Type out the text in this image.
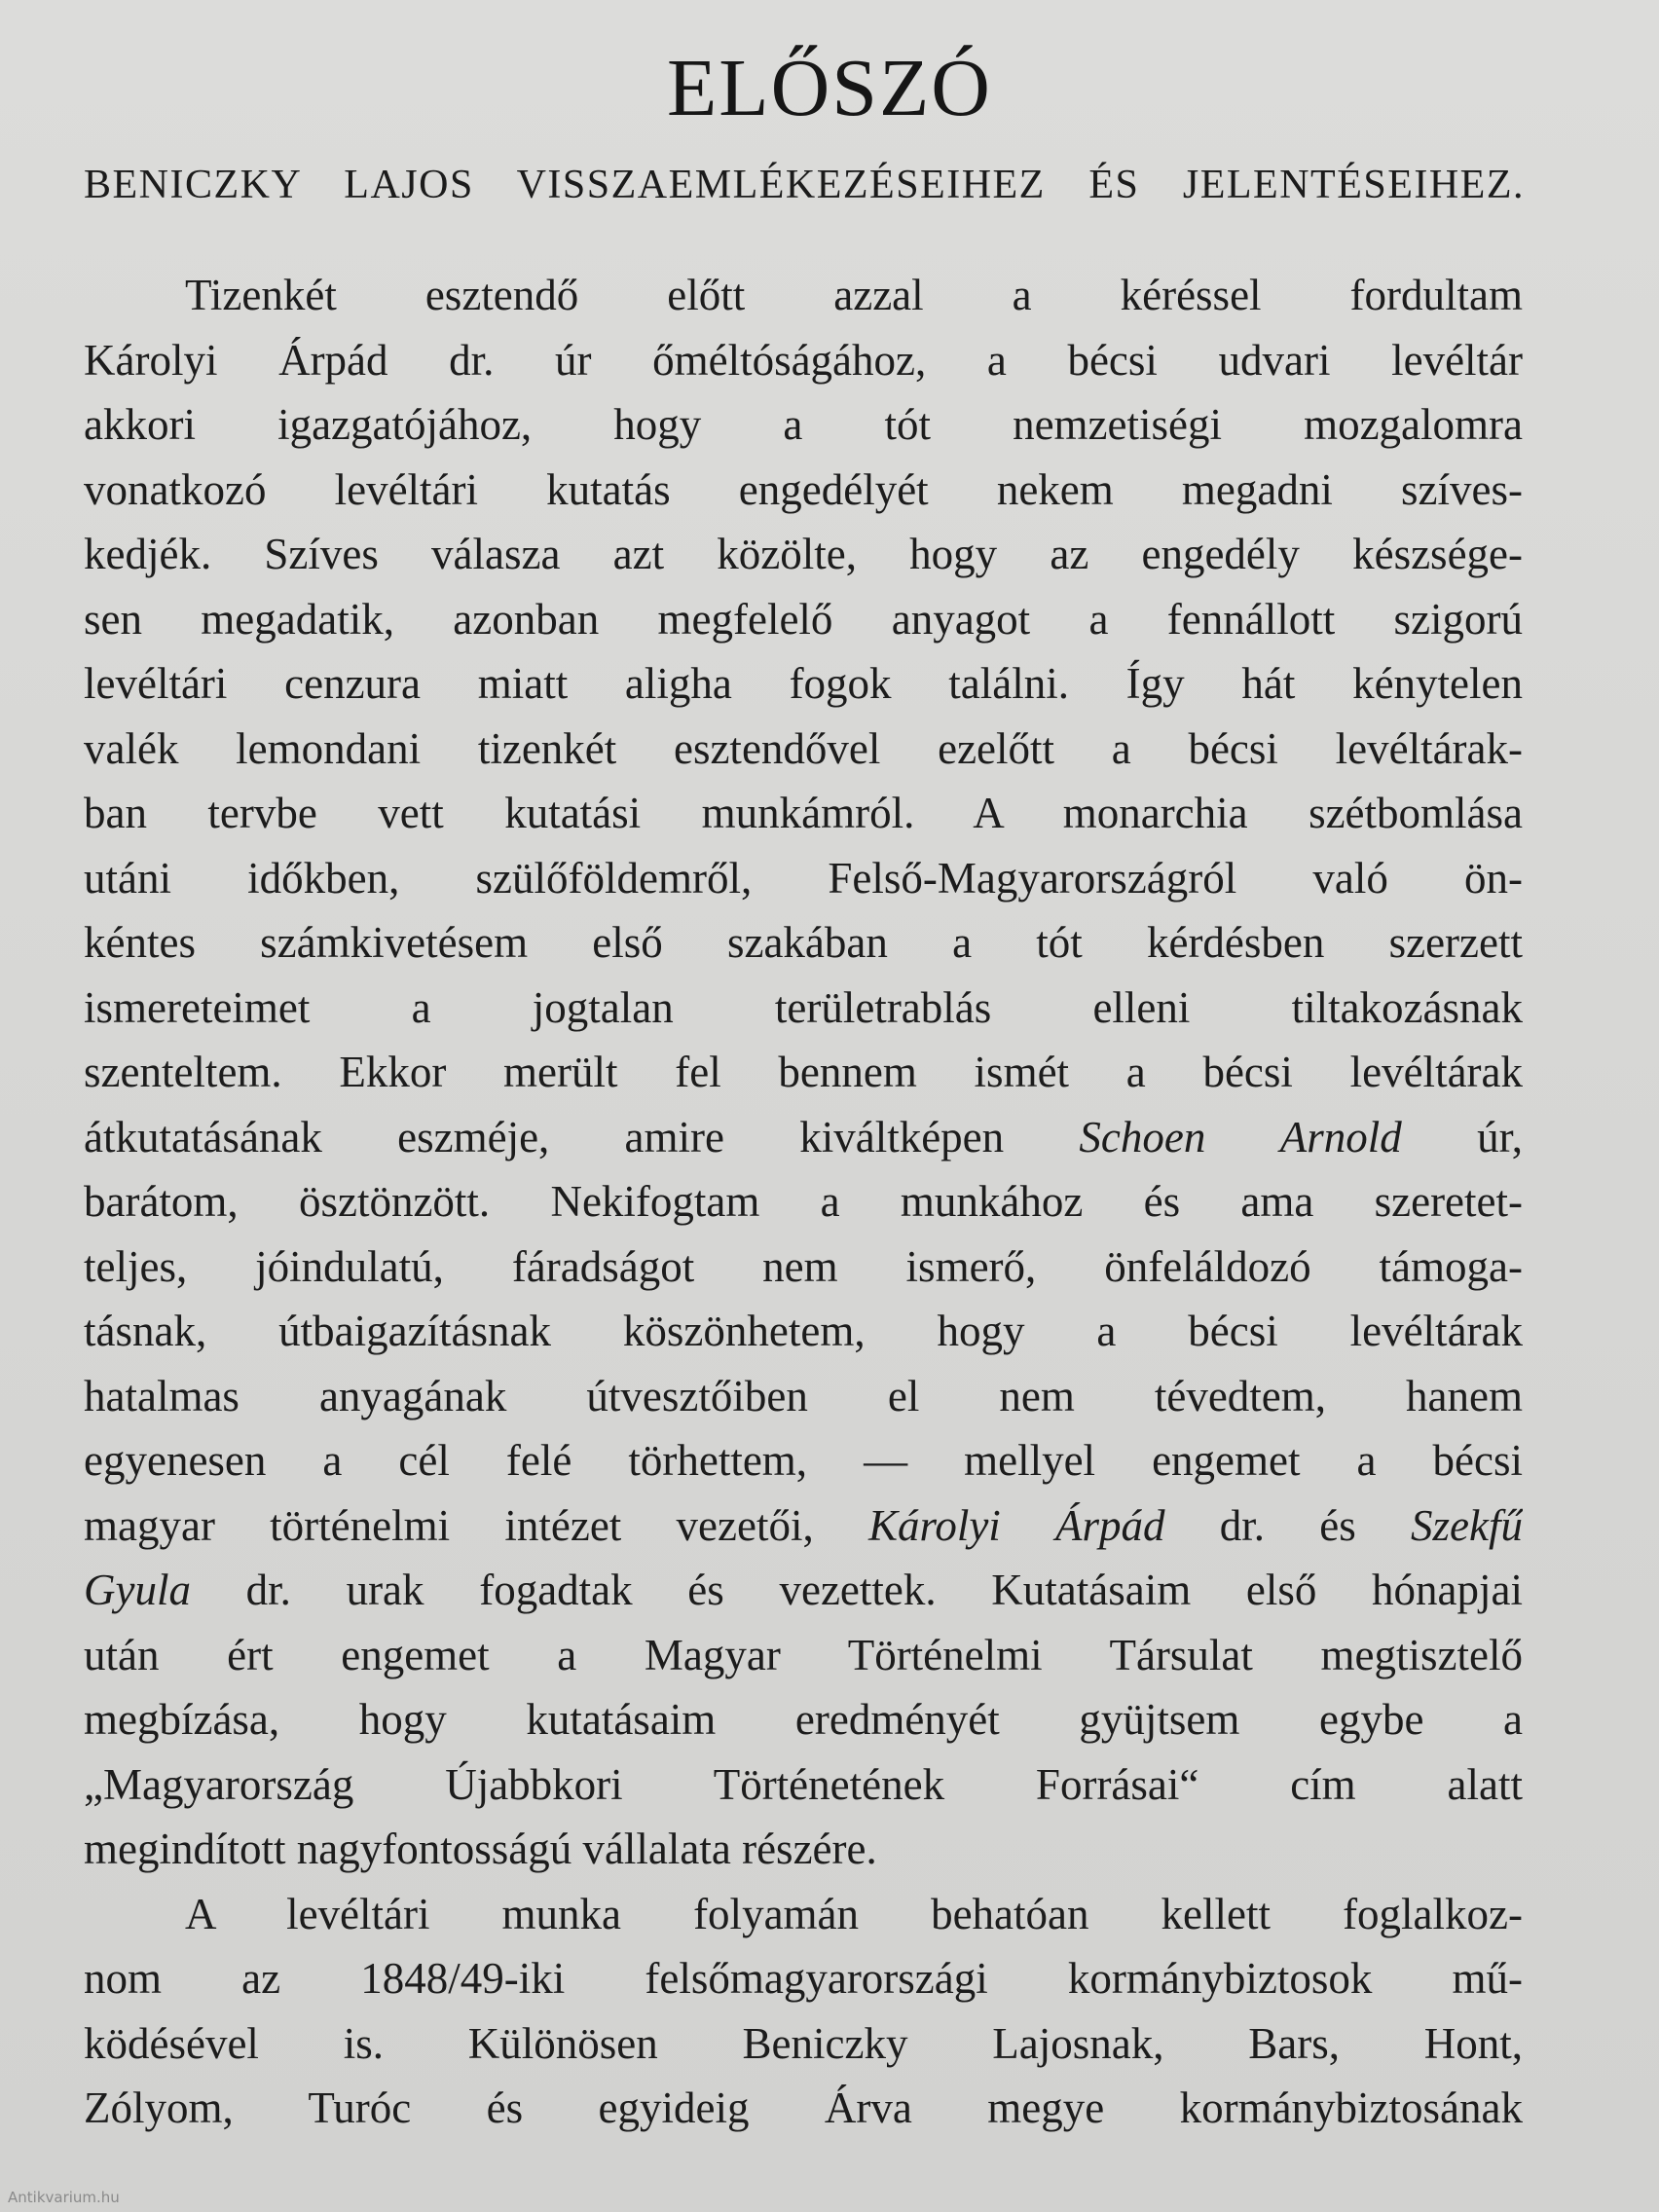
ELŐSZÓ
BENICZKY LAJOS VISSZAEMLÉKEZÉSEIHEZ ÉS JELENTÉSEIHEZ.
Tizenkét esztendő előtt azzal a kéréssel fordultam
Károlyi Árpád dr. úr őméltóságához, a bécsi udvari levéltár
akkori igazgatójához, hogy a tót nemzetiségi mozgalomra
vonatkozó levéltári kutatás engedélyét nekem megadni szíves-
kedjék. Szíves válasza azt közölte, hogy az engedély készsége-
sen megadatik, azonban megfelelő anyagot a fennállott szigorú
levéltári cenzura miatt aligha fogok találni. Így hát kénytelen
valék lemondani tizenkét esztendővel ezelőtt a bécsi levéltárak-
ban tervbe vett kutatási munkámról. A monarchia szétbomlása
utáni időkben, szülőföldemről, Felső-Magyarországról való ön-
kéntes számkivetésem első szakában a tót kérdésben szerzett
ismereteimet a jogtalan területrablás elleni tiltakozásnak
szenteltem. Ekkor merült fel bennem ismét a bécsi levéltárak
átkutatásának eszméje, amire kiváltképen Schoen Arnold úr,
barátom, ösztönzött. Nekifogtam a munkához és ama szeretet-
teljes, jóindulatú, fáradságot nem ismerő, önfeláldozó támoga-
tásnak, útbaigazításnak köszönhetem, hogy a bécsi levéltárak
hatalmas anyagának útvesztőiben el nem tévedtem, hanem
egyenesen a cél felé törhettem, — mellyel engemet a bécsi
magyar történelmi intézet vezetői, Károlyi Árpád dr. és Szekfű
Gyula dr. urak fogadtak és vezettek. Kutatásaim első hónapjai
után ért engemet a Magyar Történelmi Társulat megtisztelő
megbízása, hogy kutatásaim eredményét gyüjtsem egybe a
„Magyarország Újabbkori Történetének Forrásai“ cím alatt
megindított nagyfontosságú vállalata részére.
A levéltári munka folyamán behatóan kellett foglalkoz-
nom az 1848/49-iki felsőmagyarországi kormánybiztosok mű-
ködésével is. Különösen Beniczky Lajosnak, Bars, Hont,
Zólyom, Turóc és egyideig Árva megye kormánybiztosának
Antikvarium.hu
